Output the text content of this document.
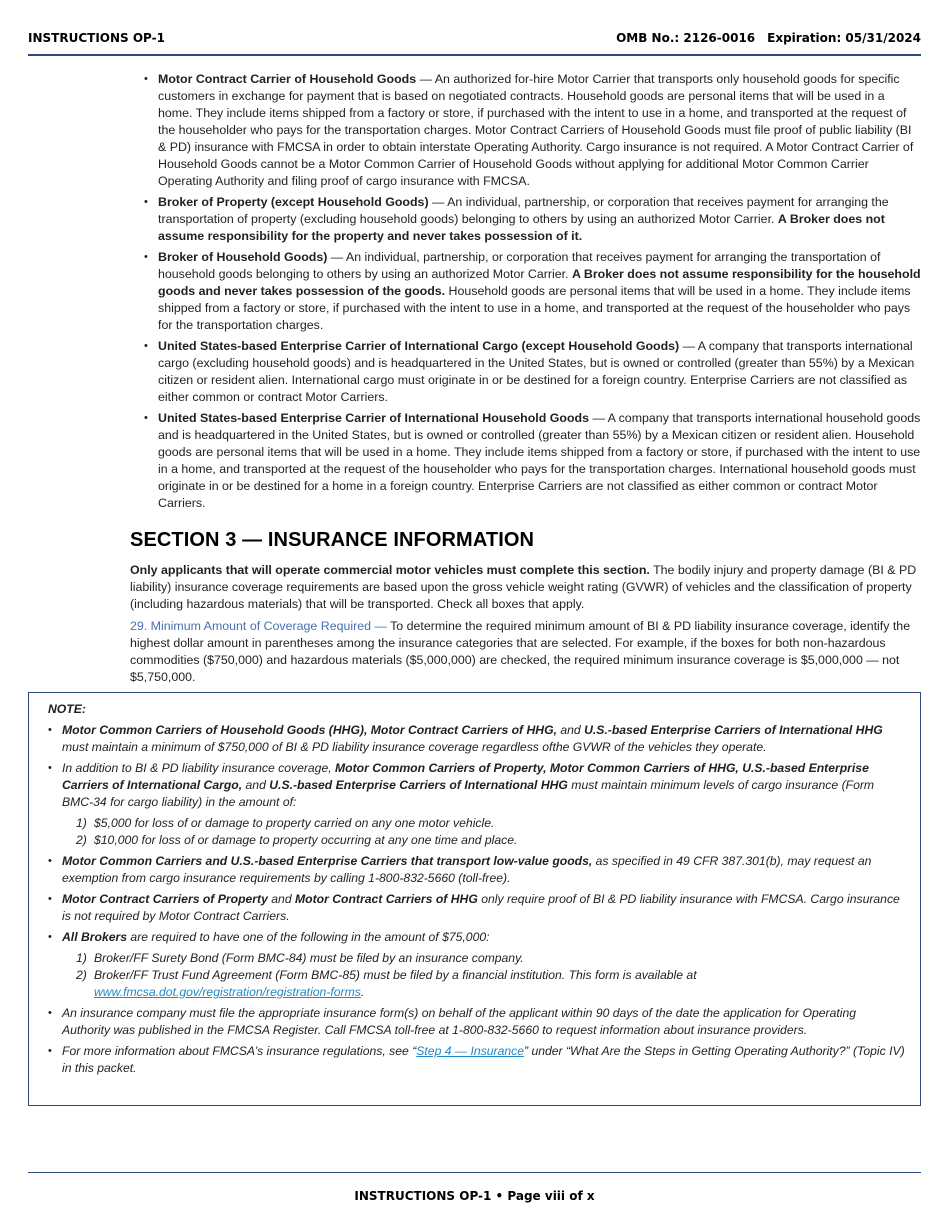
INSTRUCTIONS OP-1	OMB No.: 2126-0016 Expiration: 05/31/2024
• Motor Contract Carrier of Household Goods — An authorized for-hire Motor Carrier that transports only household goods for specific customers in exchange for payment that is based on negotiated contracts. Household goods are personal items that will be used in a home. They include items shipped from a factory or store, if purchased with the intent to use in a home, and transported at the request of the householder who pays for the transportation charges. Motor Contract Carriers of Household Goods must file proof of public liability (BI & PD) insurance with FMCSA in order to obtain interstate Operating Authority. Cargo insurance is not required. A Motor Contract Carrier of Household Goods cannot be a Motor Common Carrier of Household Goods without applying for additional Motor Common Carrier Operating Authority and filing proof of cargo insurance with FMCSA.
• Broker of Property (except Household Goods) — An individual, partnership, or corporation that receives payment for arranging the transportation of property (excluding household goods) belonging to others by using an authorized Motor Carrier. A Broker does not assume responsibility for the property and never takes possession of it.
• Broker of Household Goods) — An individual, partnership, or corporation that receives payment for arranging the transportation of household goods belonging to others by using an authorized Motor Carrier. A Broker does not assume responsibility for the household goods and never takes possession of the goods. Household goods are personal items that will be used in a home. They include items shipped from a factory or store, if purchased with the intent to use in a home, and transported at the request of the householder who pays for the transportation charges.
• United States-based Enterprise Carrier of International Cargo (except Household Goods) — A company that transports international cargo (excluding household goods) and is headquartered in the United States, but is owned or controlled (greater than 55%) by a Mexican citizen or resident alien. International cargo must originate in or be destined for a foreign country. Enterprise Carriers are not classified as either common or contract Motor Carriers.
• United States-based Enterprise Carrier of International Household Goods — A company that transports international household goods and is headquartered in the United States, but is owned or controlled (greater than 55%) by a Mexican citizen or resident alien. Household goods are personal items that will be used in a home. They include items shipped from a factory or store, if purchased with the intent to use in a home, and transported at the request of the householder who pays for the transportation charges. International household goods must originate in or be destined for a home in a foreign country. Enterprise Carriers are not classified as either common or contract Motor Carriers.
SECTION 3 — INSURANCE INFORMATION
Only applicants that will operate commercial motor vehicles must complete this section. The bodily injury and property damage (BI & PD liability) insurance coverage requirements are based upon the gross vehicle weight rating (GVWR) of vehicles and the classification of property (including hazardous materials) that will be transported. Check all boxes that apply.
29. Minimum Amount of Coverage Required — To determine the required minimum amount of BI & PD liability insurance coverage, identify the highest dollar amount in parentheses among the insurance categories that are selected. For example, if the boxes for both non-hazardous commodities ($750,000) and hazardous materials ($5,000,000) are checked, the required minimum insurance coverage is $5,000,000 — not $5,750,000.
NOTE:
• Motor Common Carriers of Household Goods (HHG), Motor Contract Carriers of HHG, and U.S.-based Enterprise Carriers of International HHG must maintain a minimum of $750,000 of BI & PD liability insurance coverage regardless ofthe GVWR of the vehicles they operate.
• In addition to BI & PD liability insurance coverage, Motor Common Carriers of Property, Motor Common Carriers of HHG, U.S.-based Enterprise Carriers of International Cargo, and U.S.-based Enterprise Carriers of International HHG must maintain minimum levels of cargo insurance (Form BMC-34 for cargo liability) in the amount of:
1) $5,000 for loss of or damage to property carried on any one motor vehicle.
2) $10,000 for loss of or damage to property occurring at any one time and place.
• Motor Common Carriers and U.S.-based Enterprise Carriers that transport low-value goods, as specified in 49 CFR 387.301(b), may request an exemption from cargo insurance requirements by calling 1-800-832-5660 (toll-free).
• Motor Contract Carriers of Property and Motor Contract Carriers of HHG only require proof of BI & PD liability insurance with FMCSA. Cargo insurance is not required by Motor Contract Carriers.
• All Brokers are required to have one of the following in the amount of $75,000:
1) Broker/FF Surety Bond (Form BMC-84) must be filed by an insurance company.
2) Broker/FF Trust Fund Agreement (Form BMC-85) must be filed by a financial institution. This form is available at www.fmcsa.dot.gov/registration/registration-forms.
• An insurance company must file the appropriate insurance form(s) on behalf of the applicant within 90 days of the date the application for Operating Authority was published in the FMCSA Register. Call FMCSA toll-free at 1-800-832-5660 to request information about insurance providers.
• For more information about FMCSA’s insurance regulations, see “Step 4 — Insurance” under “What Are the Steps in Getting Operating Authority?” (Topic IV) in this packet.
INSTRUCTIONS OP-1 • Page viii of x
